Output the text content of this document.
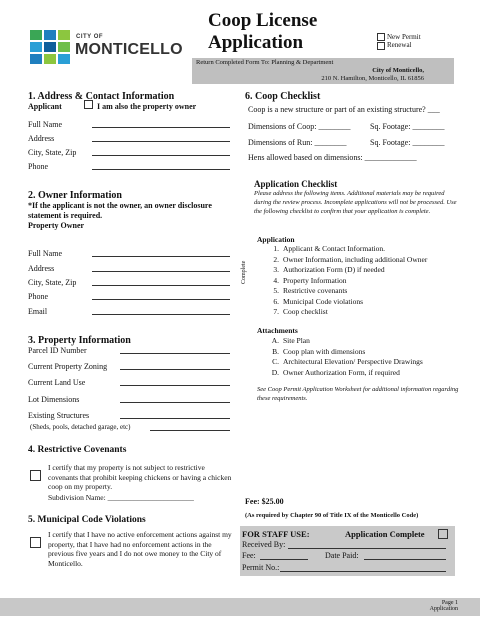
CITY OF
MONTICELLO
Coop License
Application	New Permit
Renewal
Return Completed Form To: Planning & Department
City of Monticello,
210 N. Hamilton, Monticello, IL 61856
1. Address & Contact Information
Applicant	I am also the property owner
Full Name
Address
City, State, Zip
Phone
2. Owner Information
*If the applicant is not the owner, an owner disclosure statement is required.
Property Owner
Full Name
Address
City, State, Zip
Phone
Email
3. Property Information
Parcel ID Number
Current Property Zoning
Current Land Use
Lot Dimensions
Existing Structures
(Sheds, pools, detached garage, etc)
4. Restrictive Covenants
I certify that my property is not subject to restrictive covenants that prohibit keeping chickens or having a chicken coop on my property.
Subdivision Name: _______________________
5. Municipal Code Violations
I certify that I have no active enforcement actions against my property, that I have had no enforcement actions in the previous five years and I do not owe money to the City of Monticello.
6. Coop Checklist
Coop is a new structure or part of an existing structure? ___
Dimensions of Coop: ________ Sq. Footage: ________
Dimensions of Run: ________	Sq. Footage: ________
Hens allowed based on dimensions: _____________
Application Checklist
Please address the following items. Additional materials may be required during the review process. Incomplete applications will not be processed. Use the following checklist to confirm that your application is complete.
Application
Complete
1. Applicant & Contact Information.
2. Owner Information, including additional Owner
3. Authorization Form (D) if needed
4. Property Information
5. Restrictive covenants
6. Municipal Code violations
7. Coop checklist
Attachments
A. Site Plan
B. Coop plan with dimensions
C. Architectural Elevation/ Perspective Drawings
D. Owner Authorization Form, if required
See Coop Permit Application Worksheet for additional information regarding these requirements.
Fee: $25.00
(As required by Chapter 90 of Title IX of the Monticello Code)
FOR STAFF USE:	Application Complete
Received By:
Fee:	Date Paid:
Permit No.:
Page 1
Application
